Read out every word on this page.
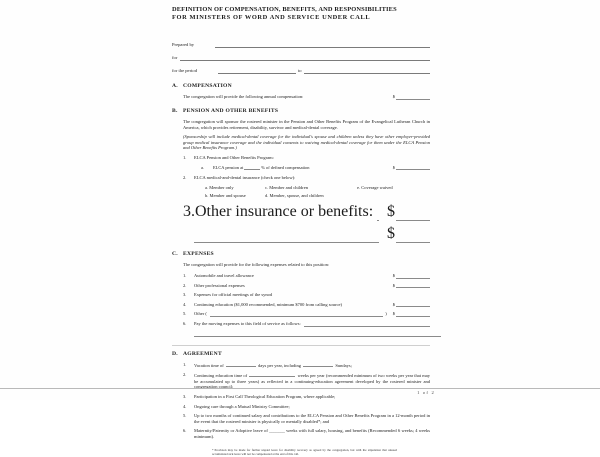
DEFINITION OF COMPENSATION, BENEFITS, AND RESPONSIBILITIES
FOR MINISTERS OF WORD AND SERVICE UNDER CALL
Prepared by
for
for the period	to
A. COMPENSATION
The congregation will provide the following annual compensation:	$
B. PENSION AND OTHER BENEFITS

The congregation will sponsor the rostered minister in the Pension and Other Benefits Program of the Evangelical Lutheran Church in America, which provides retirement, disability, survivor and medical-dental coverage.

(Sponsorship will include medical-dental coverage for the individual's spouse and children unless they have other employer-provided group medical insurance coverage and the individual consents to waiving medical-dental coverage for them under the ELCA Pension and Other Benefits Program.)

1.	ELCA Pension and Other Benefits Program:
a.	ELCA pension at	% of defined compensation	$
2.	ELCA medical-and-dental insurance (check one below):
a. Member only	c. Member and children	e. Coverage waived
b. Member and spouse	d. Member, spouse, and children
3. Other insurance or benefits: $
$
C. EXPENSES

The congregation will provide for the following expenses related to this position:

1.	Automobile and travel allowance	$
2.	Other professional expenses	$
3.	Expenses for official meetings of the synod
4.	Continuing education ($1,000 recommended, minimum $700 from calling source)	$
5.	Other (	) $
6.	Pay the moving expenses to this field of service as follows:
D. AGREEMENT
1.	Vacation time of	days per year, including	Sundays;
2.	Continuing education time of	weeks per year (recommended minimum of two weeks per year that may be accumulated up to three years) as reflected in a continuing-education agreement developed by the rostered minister and congregation council;
3.	Participation in a First Call Theological Education Program, where applicable;
4.	Ongoing care through a Mutual Ministry Committee;
5.	Up to two months of continued salary and contributions to the ELCA Pension and Other Benefits Program in a 12-month period in the event that the rostered minister is physically or mentally disabled*; and
6.	Maternity/Paternity or Adoptive leave of _______ weeks with full salary, housing, and benefits (Recommended 6 weeks; 4 weeks minimum).
*Provision may be made for further unpaid leave for disability recovery as agreed by the congregation, but with the stipulation that unused accumulated sick leave will not be compensated at the end of this call.
1 of 2
